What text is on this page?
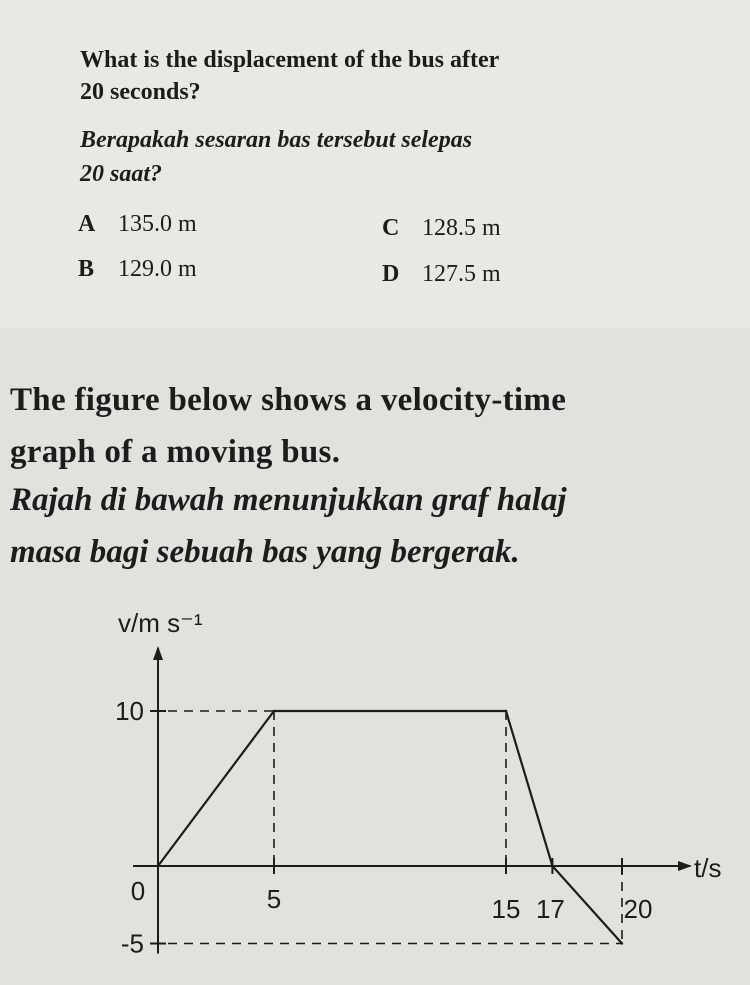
What is the displacement of the bus after
20 seconds?
Berapakah sesaran bas tersebut selepas
20 saat?
A 135.0 m	C 128.5 m
B 129.0 m	D 127.5 m
The figure below shows a velocity-time
graph of a moving bus.
Rajah di bawah menunjukkan graf halaj
masa bagi sebuah bas yang bergerak.
10
-5
0	5	15 17 20
v/m s⁻¹
t/s
